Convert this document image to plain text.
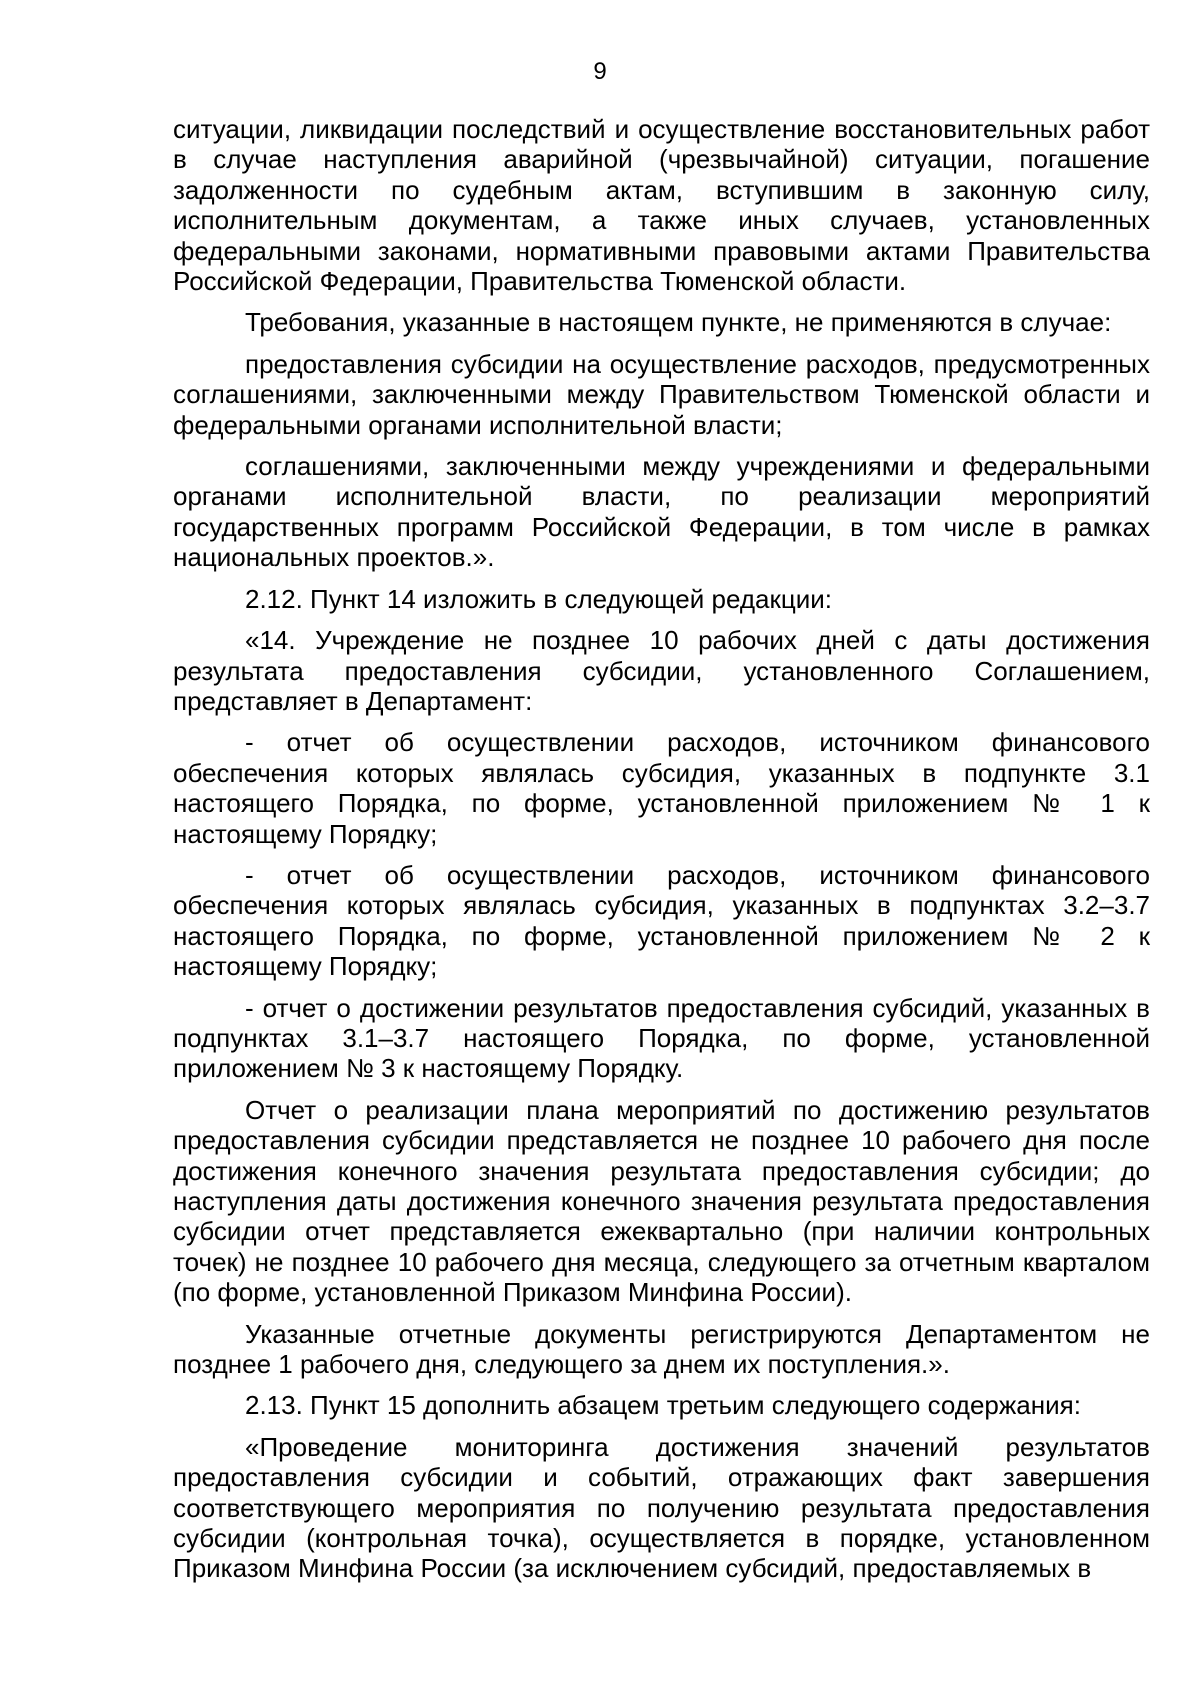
9

ситуации, ликвидации последствий и осуществление восстановительных работ в случае наступления аварийной (чрезвычайной) ситуации, погашение задолженности по судебным актам, вступившим в законную силу, исполнительным документам, а также иных случаев, установленных федеральными законами, нормативными правовыми актами Правительства Российской Федерации, Правительства Тюменской области.

Требования, указанные в настоящем пункте, не применяются в случае:

предоставления субсидии на осуществление расходов, предусмотренных соглашениями, заключенными между Правительством Тюменской области и федеральными органами исполнительной власти;

соглашениями, заключенными между учреждениями и федеральными органами исполнительной власти, по реализации мероприятий государственных программ Российской Федерации, в том числе в рамках национальных проектов.».

2.12. Пункт 14 изложить в следующей редакции:

«14. Учреждение не позднее 10 рабочих дней с даты достижения результата предоставления субсидии, установленного Соглашением, представляет в Департамент:

- отчет об осуществлении расходов, источником финансового обеспечения которых являлась субсидия, указанных в подпункте 3.1 настоящего Порядка, по форме, установленной приложением № 1 к настоящему Порядку;

- отчет об осуществлении расходов, источником финансового обеспечения которых являлась субсидия, указанных в подпунктах 3.2–3.7 настоящего Порядка, по форме, установленной приложением № 2 к настоящему Порядку;

- отчет о достижении результатов предоставления субсидий, указанных в подпунктах 3.1–3.7 настоящего Порядка, по форме, установленной приложением № 3 к настоящему Порядку.

Отчет о реализации плана мероприятий по достижению результатов предоставления субсидии представляется не позднее 10 рабочего дня после достижения конечного значения результата предоставления субсидии; до наступления даты достижения конечного значения результата предоставления субсидии отчет представляется ежеквартально (при наличии контрольных точек) не позднее 10 рабочего дня месяца, следующего за отчетным кварталом (по форме, установленной Приказом Минфина России).

Указанные отчетные документы регистрируются Департаментом не позднее 1 рабочего дня, следующего за днем их поступления.».

2.13. Пункт 15 дополнить абзацем третьим следующего содержания:

«Проведение мониторинга достижения значений результатов предоставления субсидии и событий, отражающих факт завершения соответствующего мероприятия по получению результата предоставления субсидии (контрольная точка), осуществляется в порядке, установленном Приказом Минфина России (за исключением субсидий, предоставляемых в
